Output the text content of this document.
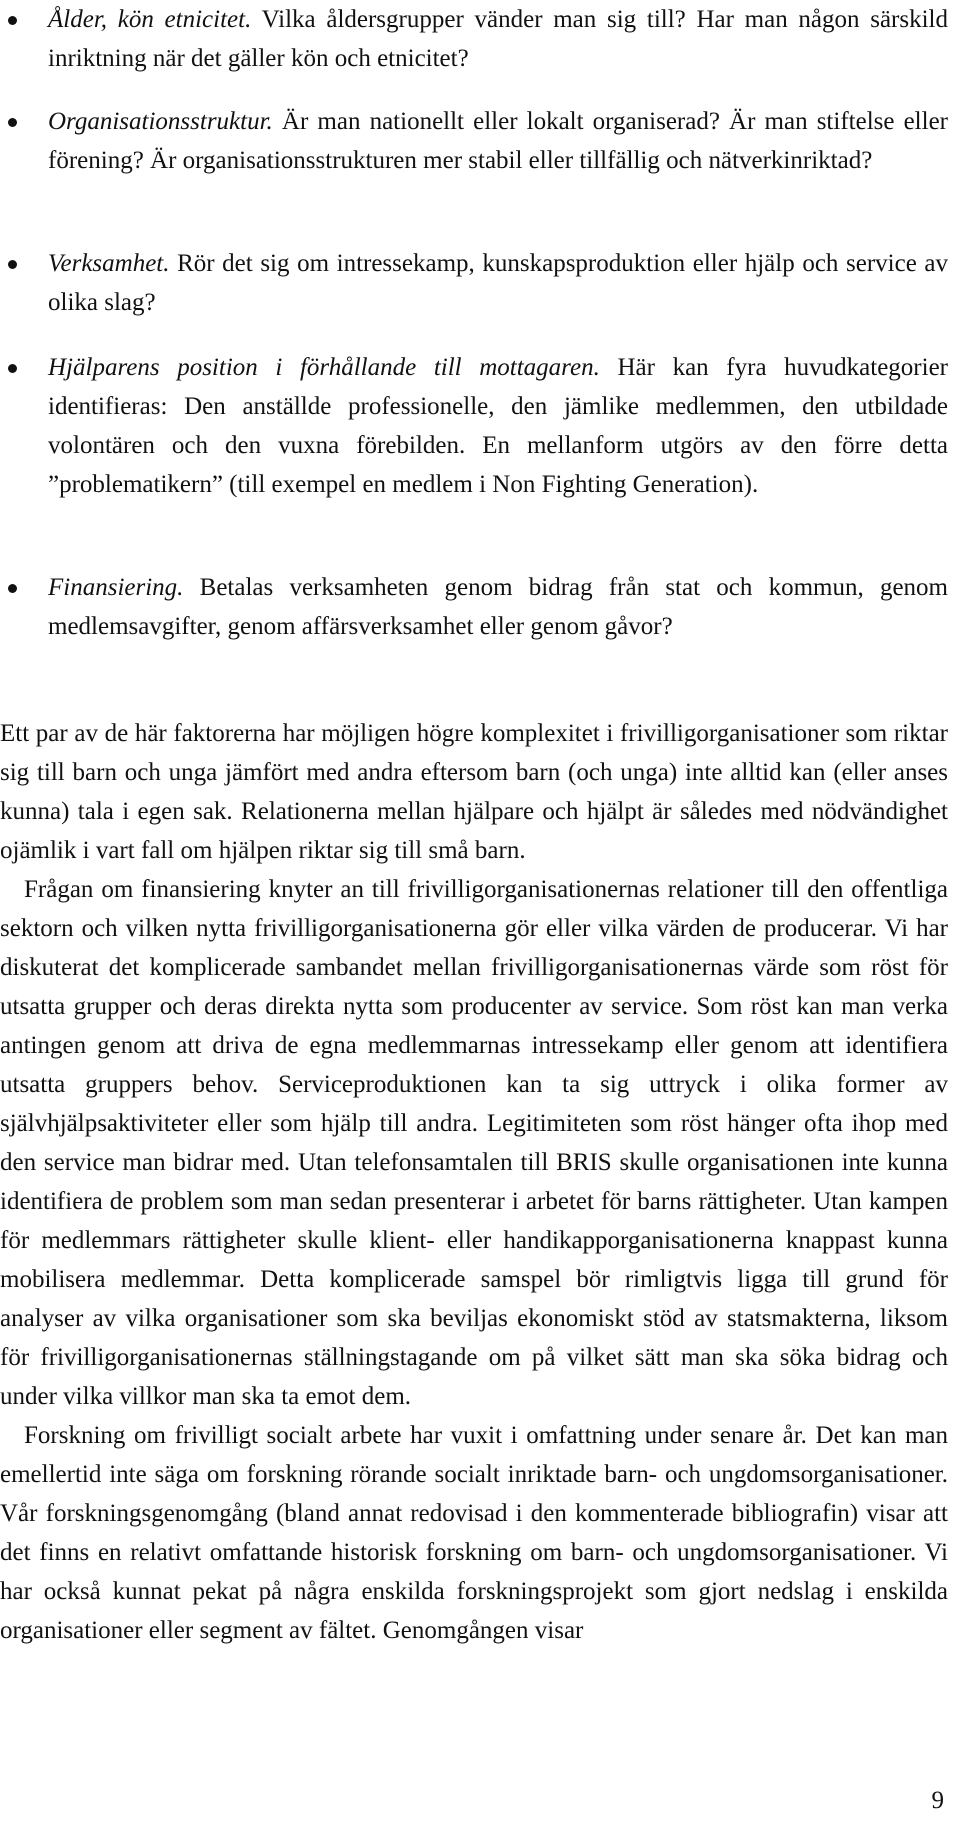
Ålder, kön etnicitet. Vilka åldersgrupper vänder man sig till? Har man någon särskild inriktning när det gäller kön och etnicitet?
Organisationsstruktur. Är man nationellt eller lokalt organiserad? Är man stiftelse eller förening? Är organisationsstrukturen mer stabil eller tillfällig och nätverkinriktad?
Verksamhet. Rör det sig om intressekamp, kunskapsproduktion eller hjälp och service av olika slag?
Hjälparens position i förhållande till mottagaren. Här kan fyra huvudkategorier identifieras: Den anställde professionelle, den jämlike medlemmen, den utbildade volontären och den vuxna förebilden. En mellanform utgörs av den förre detta ”problematikern” (till exempel en medlem i Non Fighting Generation).
Finansiering. Betalas verksamheten genom bidrag från stat och kommun, genom medlemsavgifter, genom affärsverksamhet eller genom gåvor?

Ett par av de här faktorerna har möjligen högre komplexitet i frivilligorganisationer som riktar sig till barn och unga jämfört med andra eftersom barn (och unga) inte alltid kan (eller anses kunna) tala i egen sak. Relationerna mellan hjälpare och hjälpt är således med nödvändighet ojämlik i vart fall om hjälpen riktar sig till små barn.

Frågan om finansiering knyter an till frivilligorganisationernas relationer till den offentliga sektorn och vilken nytta frivilligorganisationerna gör eller vilka värden de producerar. Vi har diskuterat det komplicerade sambandet mellan frivilligorganisationernas värde som röst för utsatta grupper och deras direkta nytta som producenter av service. Som röst kan man verka antingen genom att driva de egna medlemmarnas intressekamp eller genom att identifiera utsatta gruppers behov. Serviceproduktionen kan ta sig uttryck i olika former av självhjälpsaktiviteter eller som hjälp till andra. Legitimiteten som röst hänger ofta ihop med den service man bidrar med. Utan telefonsamtalen till BRIS skulle organisationen inte kunna identifiera de problem som man sedan presenterar i arbetet för barns rättigheter. Utan kampen för medlemmars rättigheter skulle klient- eller handikapporganisationerna knappast kunna mobilisera medlemmar. Detta komplicerade samspel bör rimligtvis ligga till grund för analyser av vilka organisationer som ska beviljas ekonomiskt stöd av statsmakterna, liksom för frivilligorganisationernas ställningstagande om på vilket sätt man ska söka bidrag och under vilka villkor man ska ta emot dem.

Forskning om frivilligt socialt arbete har vuxit i omfattning under senare år. Det kan man emellertid inte säga om forskning rörande socialt inriktade barn- och ungdomsorganisationer. Vår forskningsgenomgång (bland annat redovisad i den kommenterade bibliografin) visar att det finns en relativt omfattande historisk forskning om barn- och ungdomsorganisationer. Vi har också kunnat pekat på några enskilda forskningsprojekt som gjort nedslag i enskilda organisationer eller segment av fältet. Genomgången visar

9
